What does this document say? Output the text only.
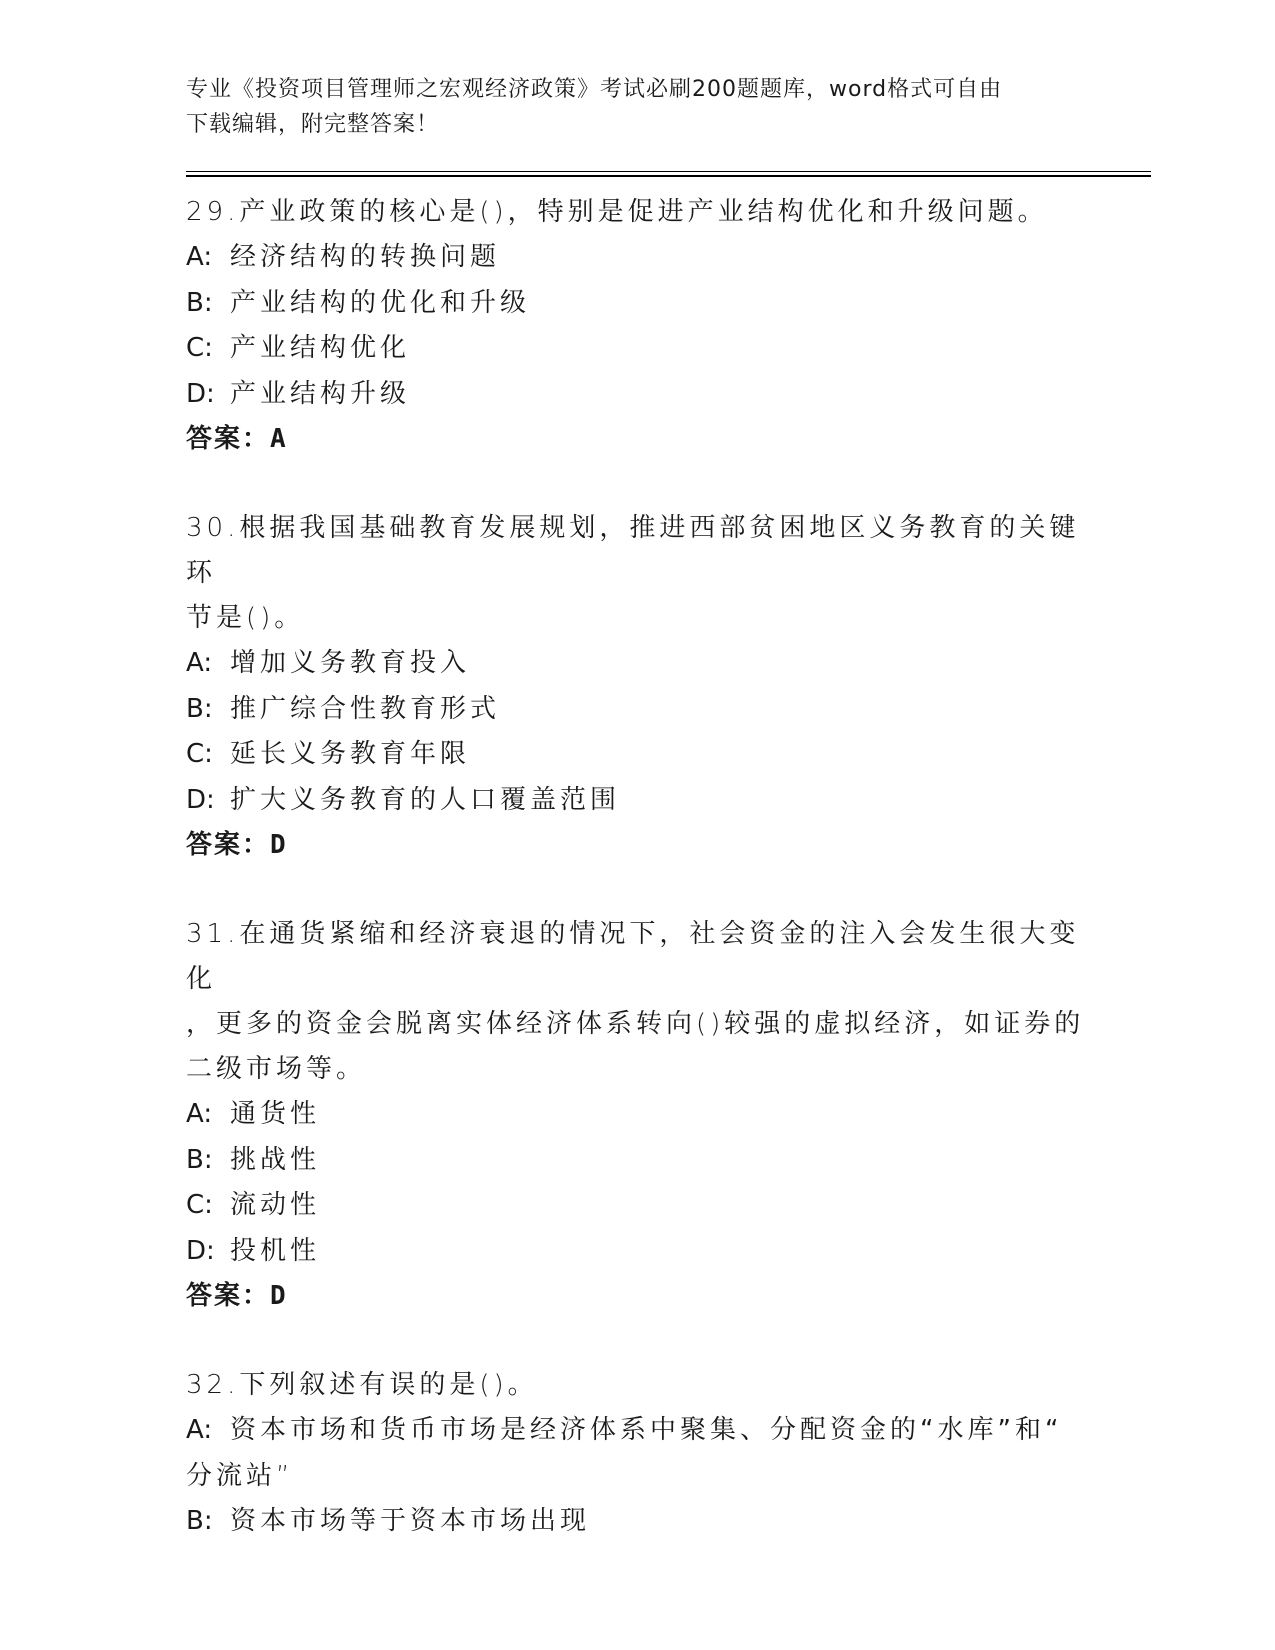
专业《投资项目管理师之宏观经济政策》考试必刷200题题库，word格式可自由
下载编辑，附完整答案！

29.产业政策的核心是()，特别是促进产业结构优化和升级问题。

A: 经济结构的转换问题

B: 产业结构的优化和升级

C: 产业结构优化

D: 产业结构升级

答案：A

30.根据我国基础教育发展规划，推进西部贫困地区义务教育的关键环

节是()。

A: 增加义务教育投入

B: 推广综合性教育形式

C: 延长义务教育年限

D: 扩大义务教育的人口覆盖范围

答案：D

31.在通货紧缩和经济衰退的情况下，社会资金的注入会发生很大变化

，更多的资金会脱离实体经济体系转向()较强的虚拟经济，如证券的

二级市场等。

A: 通货性

B: 挑战性

C: 流动性

D: 投机性

答案：D

32.下列叙述有误的是()。

A: 资本市场和货币市场是经济体系中聚集、分配资金的“水库”和“

分流站”

B: 资本市场等于资本市场出现
